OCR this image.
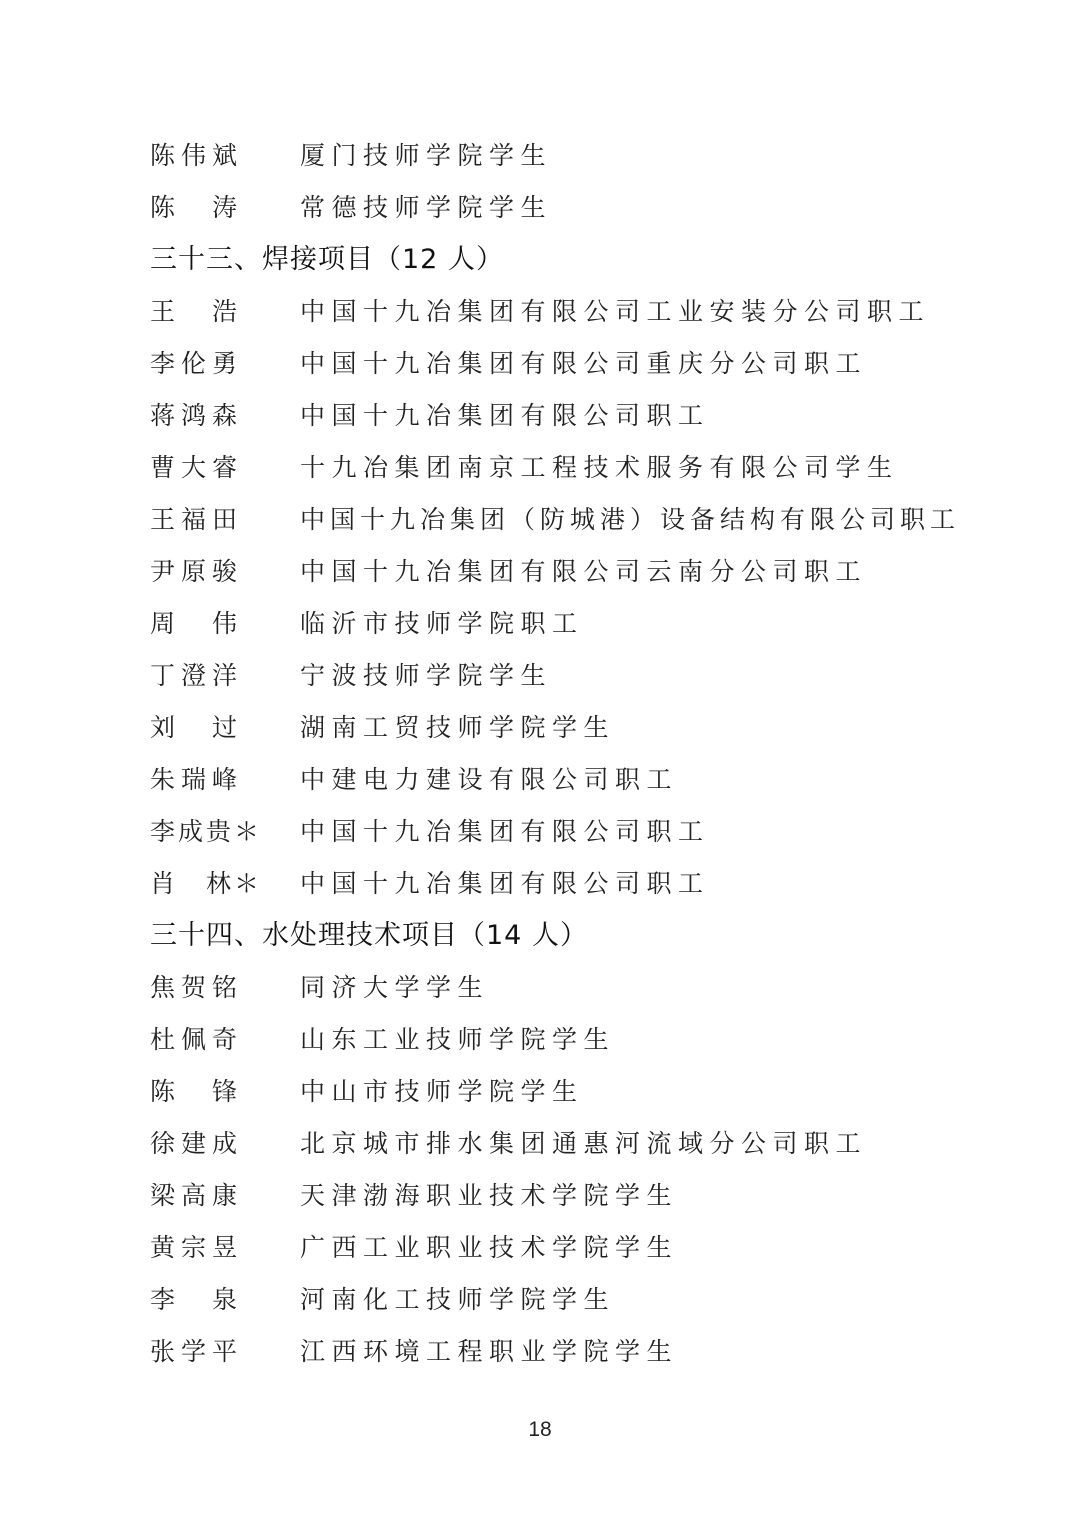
陈伟斌	厦门技师学院学生
陈　涛	常德技师学院学生
三十三、焊接项目（12 人）
王　浩	中国十九冶集团有限公司工业安装分公司职工
李伦勇	中国十九冶集团有限公司重庆分公司职工
蒋鸿森	中国十九冶集团有限公司职工
曹大睿	十九冶集团南京工程技术服务有限公司学生
王福田	中国十九冶集团（防城港）设备结构有限公司职工
尹原骏	中国十九冶集团有限公司云南分公司职工
周　伟	临沂市技师学院职工
丁澄洋	宁波技师学院学生
刘　过	湖南工贸技师学院学生
朱瑞峰	中建电力建设有限公司职工
李成贵＊	中国十九冶集团有限公司职工
肖　林＊	中国十九冶集团有限公司职工
三十四、水处理技术项目（14 人）
焦贺铭	同济大学学生
杜佩奇	山东工业技师学院学生
陈　锋	中山市技师学院学生
徐建成	北京城市排水集团通惠河流域分公司职工
梁高康	天津渤海职业技术学院学生
黄宗昱	广西工业职业技术学院学生
李　泉	河南化工技师学院学生
张学平	江西环境工程职业学院学生
18
